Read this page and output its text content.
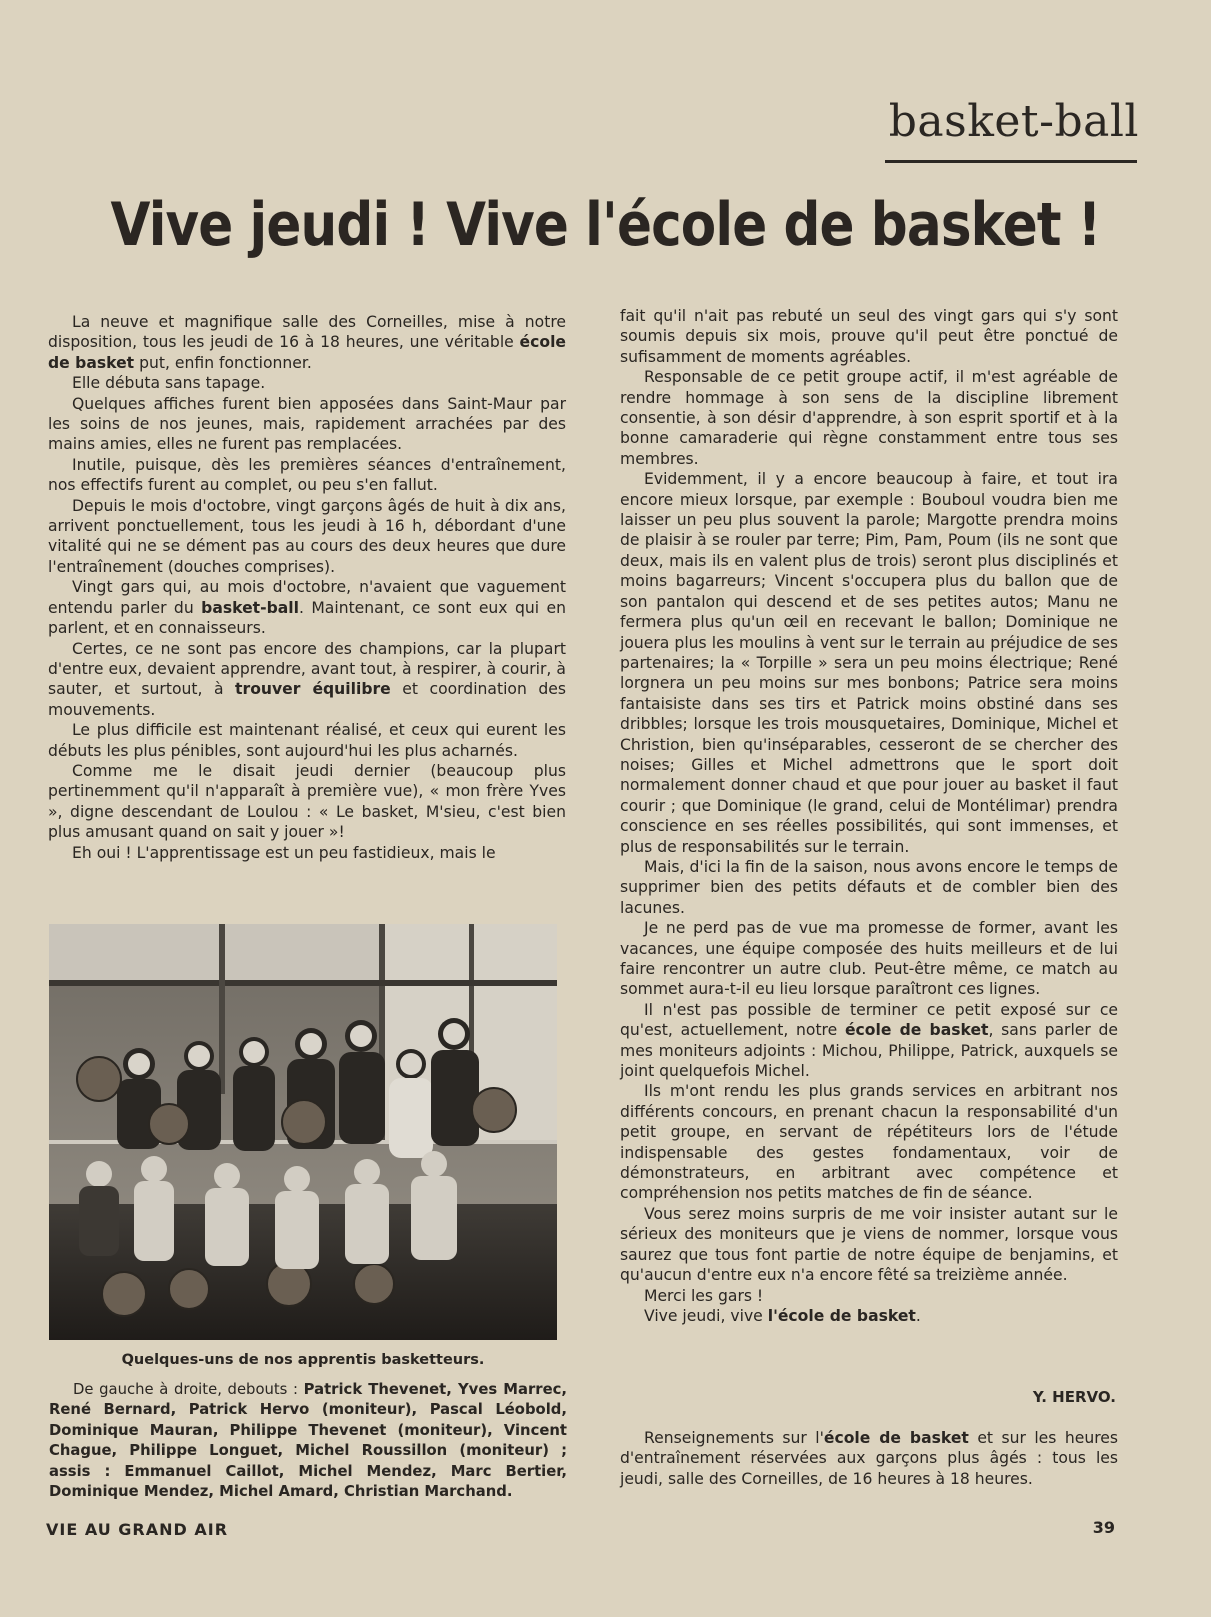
basket-ball
Vive jeudi ! Vive l'école de basket !

La neuve et magnifique salle des Corneilles, mise à notre disposition, tous les jeudi de 16 à 18 heures, une véritable école de basket put, enfin fonctionner.

Elle débuta sans tapage.

Quelques affiches furent bien apposées dans Saint-Maur par les soins de nos jeunes, mais, rapidement arrachées par des mains amies, elles ne furent pas remplacées.

Inutile, puisque, dès les premières séances d'entraînement, nos effectifs furent au complet, ou peu s'en fallut.

Depuis le mois d'octobre, vingt garçons âgés de huit à dix ans, arrivent ponctuellement, tous les jeudi à 16 h, débordant d'une vitalité qui ne se dément pas au cours des deux heures que dure l'entraînement (douches comprises).

Vingt gars qui, au mois d'octobre, n'avaient que vaguement entendu parler du basket-ball. Maintenant, ce sont eux qui en parlent, et en connaisseurs.

Certes, ce ne sont pas encore des champions, car la plupart d'entre eux, devaient apprendre, avant tout, à respirer, à courir, à sauter, et surtout, à trouver équilibre et coordination des mouvements.

Le plus difficile est maintenant réalisé, et ceux qui eurent les débuts les plus pénibles, sont aujourd'hui les plus acharnés.

Comme me le disait jeudi dernier (beaucoup plus pertinemment qu'il n'apparaît à première vue), « mon frère Yves », digne descendant de Loulou : « Le basket, M'sieu, c'est bien plus amusant quand on sait y jouer »!

Eh oui ! L'apprentissage est un peu fastidieux, mais le

Quelques-uns de nos apprentis basketteurs.
De gauche à droite, debouts : Patrick Thevenet, Yves Marrec, René Bernard, Patrick Hervo (moniteur), Pascal Léobold, Dominique Mauran, Philippe Thevenet (moniteur), Vincent Chague, Philippe Longuet, Michel Roussillon (moniteur) ; assis : Emmanuel Caillot, Michel Mendez, Marc Bertier, Dominique Mendez, Michel Amard, Christian Marchand.

fait qu'il n'ait pas rebuté un seul des vingt gars qui s'y sont soumis depuis six mois, prouve qu'il peut être ponctué de sufisamment de moments agréables.

Responsable de ce petit groupe actif, il m'est agréable de rendre hommage à son sens de la discipline librement consentie, à son désir d'apprendre, à son esprit sportif et à la bonne camaraderie qui règne constamment entre tous ses membres.

Evidemment, il y a encore beaucoup à faire, et tout ira encore mieux lorsque, par exemple : Bouboul voudra bien me laisser un peu plus souvent la parole; Margotte prendra moins de plaisir à se rouler par terre; Pim, Pam, Poum (ils ne sont que deux, mais ils en valent plus de trois) seront plus disciplinés et moins bagarreurs; Vincent s'occupera plus du ballon que de son pantalon qui descend et de ses petites autos; Manu ne fermera plus qu'un œil en recevant le ballon; Dominique ne jouera plus les moulins à vent sur le terrain au préjudice de ses partenaires; la « Torpille » sera un peu moins électrique; René lorgnera un peu moins sur mes bonbons; Patrice sera moins fantaisiste dans ses tirs et Patrick moins obstiné dans ses dribbles; lorsque les trois mousquetaires, Dominique, Michel et Christion, bien qu'inséparables, cesseront de se chercher des noises; Gilles et Michel admettrons que le sport doit normalement donner chaud et que pour jouer au basket il faut courir ; que Dominique (le grand, celui de Montélimar) prendra conscience en ses réelles possibilités, qui sont immenses, et plus de responsabilités sur le terrain.

Mais, d'ici la fin de la saison, nous avons encore le temps de supprimer bien des petits défauts et de combler bien des lacunes.

Je ne perd pas de vue ma promesse de former, avant les vacances, une équipe composée des huits meilleurs et de lui faire rencontrer un autre club. Peut-être même, ce match au sommet aura-t-il eu lieu lorsque paraîtront ces lignes.

Il n'est pas possible de terminer ce petit exposé sur ce qu'est, actuellement, notre école de basket, sans parler de mes moniteurs adjoints : Michou, Philippe, Patrick, auxquels se joint quelquefois Michel.

Ils m'ont rendu les plus grands services en arbitrant nos différents concours, en prenant chacun la responsabilité d'un petit groupe, en servant de répétiteurs lors de l'étude indispensable des gestes fondamentaux, voir de démonstrateurs, en arbitrant avec compétence et compréhension nos petits matches de fin de séance.

Vous serez moins surpris de me voir insister autant sur le sérieux des moniteurs que je viens de nommer, lorsque vous saurez que tous font partie de notre équipe de benjamins, et qu'aucun d'entre eux n'a encore fêté sa treizième année.

Merci les gars !

Vive jeudi, vive l'école de basket.

Y. HERVO.
Renseignements sur l'école de basket et sur les heures d'entraînement réservées aux garçons plus âgés : tous les jeudi, salle des Corneilles, de 16 heures à 18 heures.
VIE AU GRAND AIR	39
